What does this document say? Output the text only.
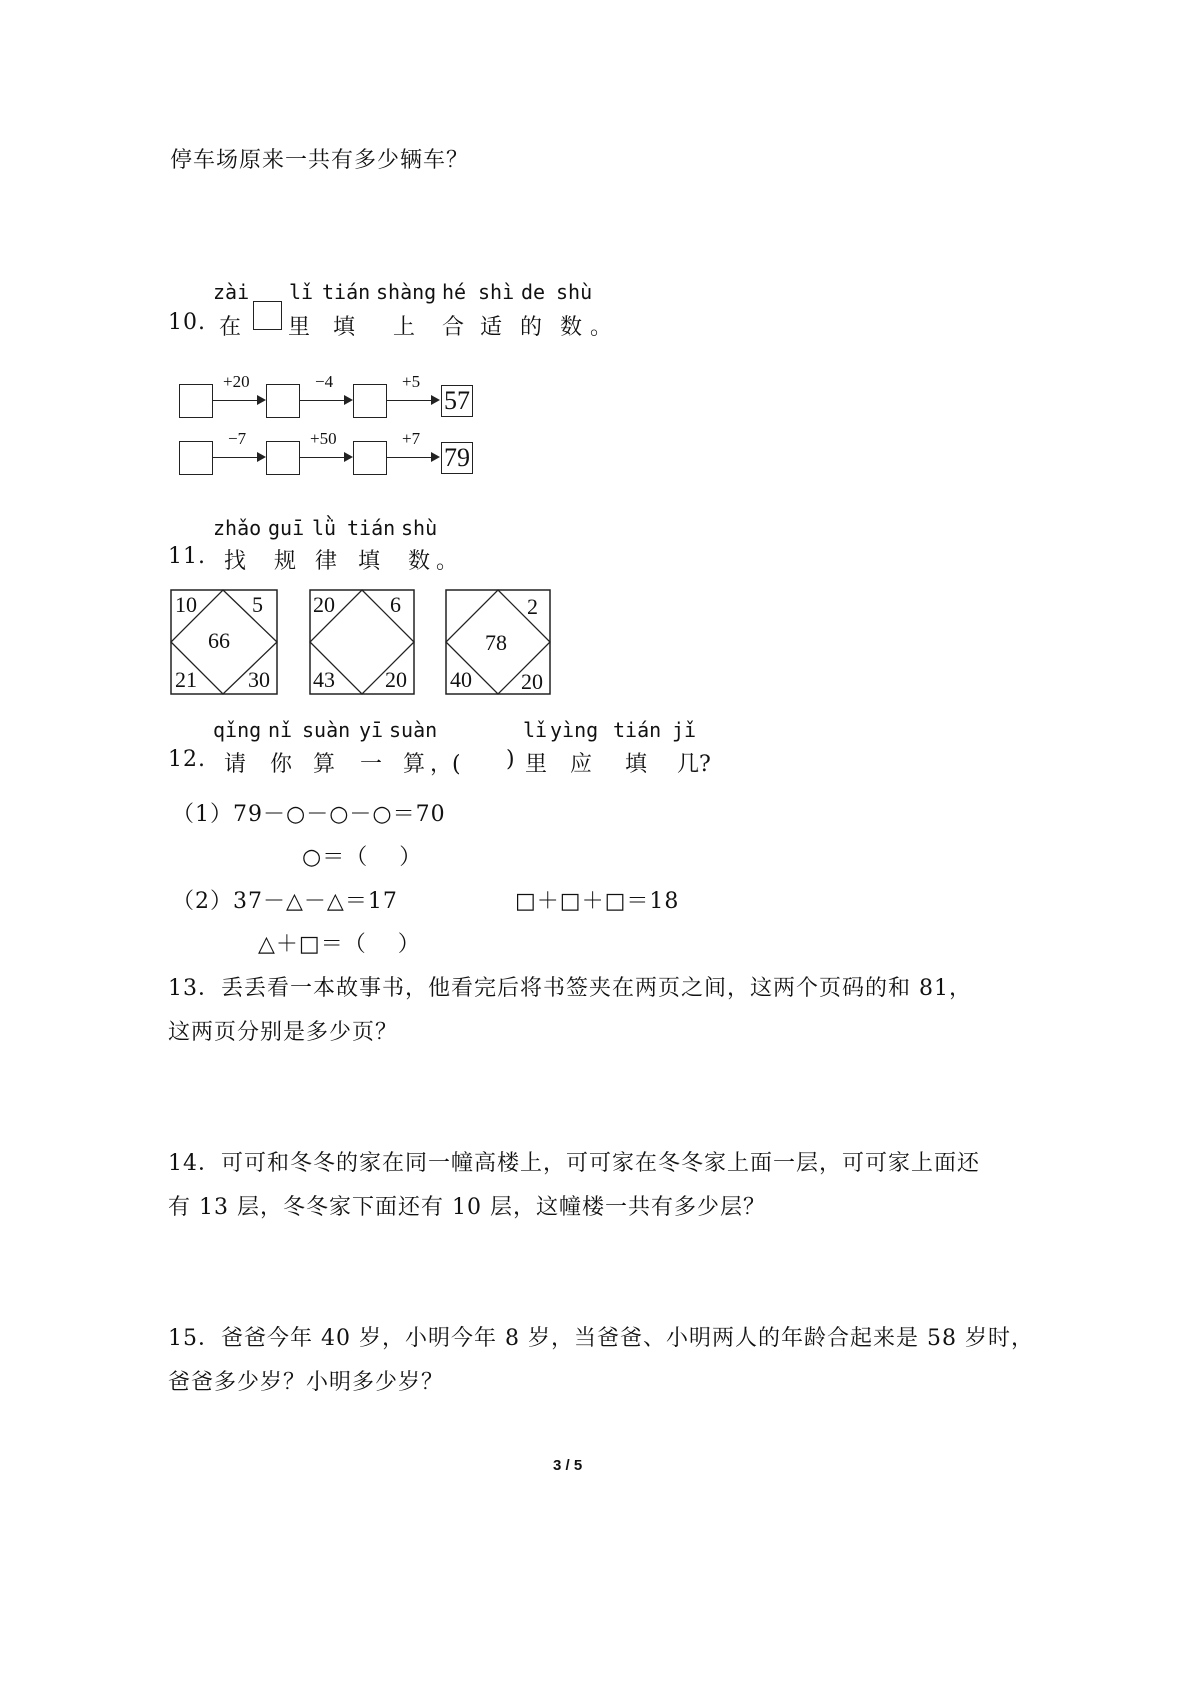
停车场原来一共有多少辆车？
zài lǐ tián shàng hé shì de shù
10. 在 里 填 上 合 适 的 数 。
+20	−4	+5
57
−7	+50	+7
79
zhǎo guī lǜ tián shù
11. 找 规 律 填 数 。
10	5
21 30
66
20	6
43 20
2
40 20
78
qǐng nǐ suàn yī suàn	lǐ yìng tián jǐ
12. 请 你 算 一 算 ，( ) 里 应 填 几?
（1）79－○－○－○＝70
○＝（　 ）
（2）37－△－△＝17	□＋□＋□＝18
△＋□＝（　 ）
13．丢丢看一本故事书，他看完后将书签夹在两页之间，这两个页码的和 81，
这两页分别是多少页？
14．可可和冬冬的家在同一幢高楼上，可可家在冬冬家上面一层，可可家上面还
有 13 层，冬冬家下面还有 10 层，这幢楼一共有多少层？
15．爸爸今年 40 岁，小明今年 8 岁，当爸爸、小明两人的年龄合起来是 58 岁时，
爸爸多少岁？小明多少岁？
3 / 5
